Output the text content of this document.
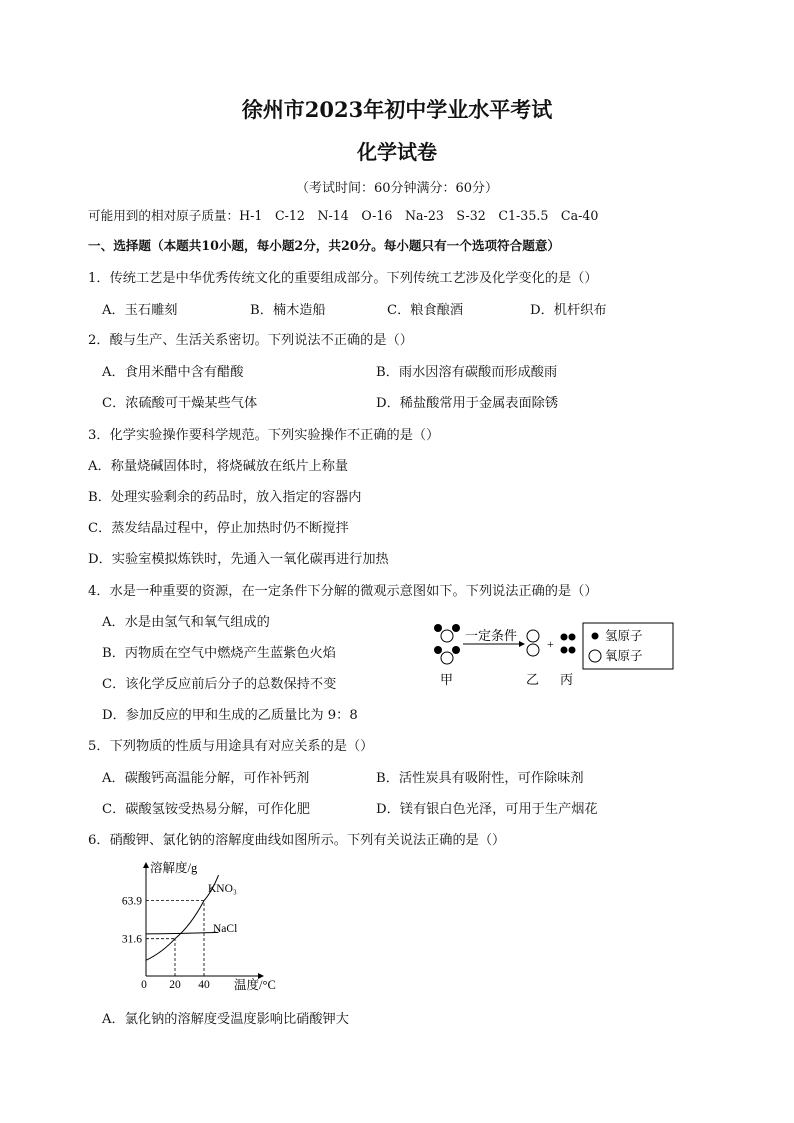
徐州市2023年初中学业水平考试
化学试卷
（考试时间：60分钟满分：60分）
可能用到的相对原子质量：H-1　C-12　N-14　O-16　Na-23　S-32　C1-35.5　Ca-40
一、选择题（本题共10小题，每小题2分，共20分。每小题只有一个选项符合题意）
1．传统工艺是中华优秀传统文化的重要组成部分。下列传统工艺涉及化学变化的是（）
A．玉石雕刻	B．楠木造船	C．粮食酿酒	D．机杆织布
2．酸与生产、生活关系密切。下列说法不正确的是（）
A．食用米醋中含有醋酸	B．雨水因溶有碳酸而形成酸雨
C．浓硫酸可干燥某些气体	D．稀盐酸常用于金属表面除锈
3．化学实验操作要科学规范。下列实验操作不正确的是（）
A．称量烧碱固体时，将烧碱放在纸片上称量
B．处理实验剩余的药品时，放入指定的容器内
C．蒸发结晶过程中，停止加热时仍不断搅拌
D．实验室模拟炼铁时，先通入一氧化碳再进行加热
4．水是一种重要的资源，在一定条件下分解的微观示意图如下。下列说法正确的是（）
A．水是由氢气和氧气组成的
B．丙物质在空气中燃烧产生蓝紫色火焰
C．该化学反应前后分子的总数保持不变
D．参加反应的甲和生成的乙质量比为 9：8
甲
一定条件
+
乙 丙
氢原子
氧原子
5．下列物质的性质与用途具有对应关系的是（）
A．碳酸钙高温能分解，可作补钙剂	B．活性炭具有吸附性，可作除味剂
C．碳酸氢铵受热易分解，可作化肥	D．镁有银白色光泽，可用于生产烟花
6．硝酸钾、氯化钠的溶解度曲线如图所示。下列有关说法正确的是（）
溶解度/g
温度/°C
0 20 40
31.6
63.9
KNO₃
NaCl
A．氯化钠的溶解度受温度影响比硝酸钾大
